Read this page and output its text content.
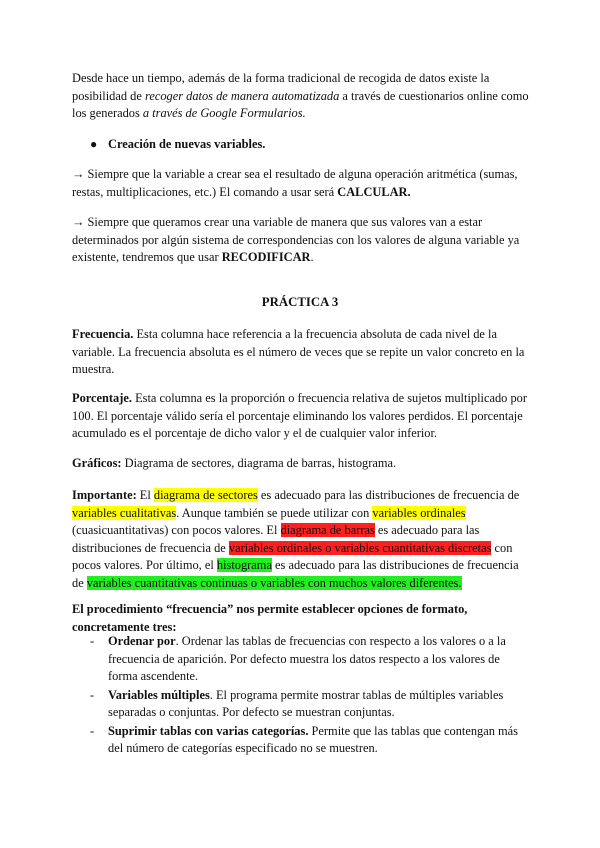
Desde hace un tiempo, además de la forma tradicional de recogida de datos existe la posibilidad de recoger datos de manera automatizada a través de cuestionarios online como los generados a través de Google Formularios.

● Creación de nuevas variables.

→ Siempre que la variable a crear sea el resultado de alguna operación aritmética (sumas, restas, multiplicaciones, etc.) El comando a usar será CALCULAR.

→ Siempre que queramos crear una variable de manera que sus valores van a estar determinados por algún sistema de correspondencias con los valores de alguna variable ya existente, tendremos que usar RECODIFICAR.

PRÁCTICA 3

Frecuencia. Esta columna hace referencia a la frecuencia absoluta de cada nivel de la variable. La frecuencia absoluta es el número de veces que se repite un valor concreto en la muestra.

Porcentaje. Esta columna es la proporción o frecuencia relativa de sujetos multiplicado por 100. El porcentaje válido sería el porcentaje eliminando los valores perdidos. El porcentaje acumulado es el porcentaje de dicho valor y el de cualquier valor inferior.

Gráficos: Diagrama de sectores, diagrama de barras, histograma.

Importante: El diagrama de sectores es adecuado para las distribuciones de frecuencia de variables cualitativas. Aunque también se puede utilizar con variables ordinales (cuasicuantitativas) con pocos valores. El diagrama de barras es adecuado para las distribuciones de frecuencia de variables ordinales o variables cuantitativas discretas con pocos valores. Por último, el histograma es adecuado para las distribuciones de frecuencia de variables cuantitativas continuas o variables con muchos valores diferentes.

El procedimiento “frecuencia” nos permite establecer opciones de formato, concretamente tres:

- Ordenar por. Ordenar las tablas de frecuencias con respecto a los valores o a la frecuencia de aparición. Por defecto muestra los datos respecto a los valores de forma ascendente.
- Variables múltiples. El programa permite mostrar tablas de múltiples variables separadas o conjuntas. Por defecto se muestran conjuntas.
- Suprimir tablas con varias categorías. Permite que las tablas que contengan más del número de categorías especificado no se muestren.
